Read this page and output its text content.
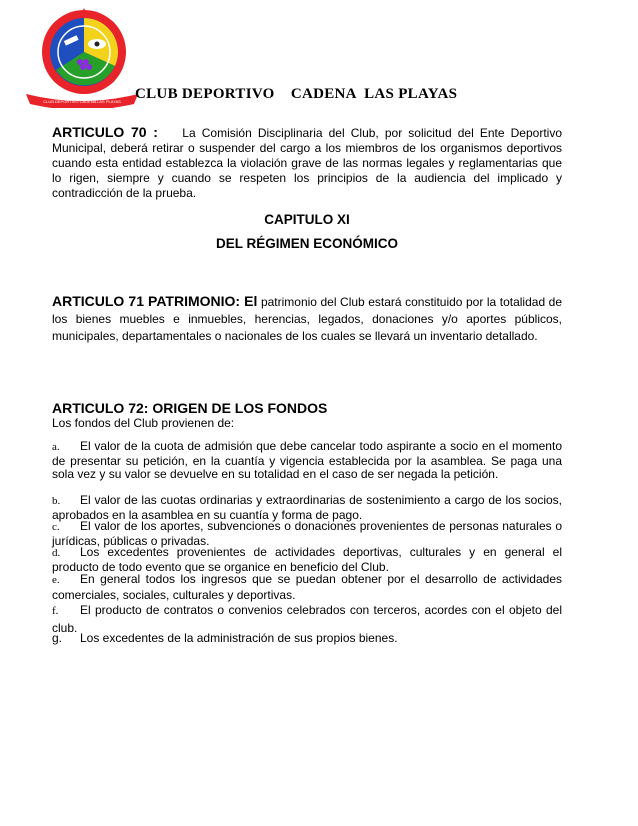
CLUB DEPORTIVO CADENA LAS PLAYAS CLUB DEPORTIVO    CADENA  LAS PLAYAS
ARTICULO 70 : La Comisión Disciplinaria del Club, por solicitud del Ente Deportivo Municipal, deberá retirar o suspender del cargo a los miembros de los organismos deportivos cuando esta entidad establezca la violación grave de las normas legales y reglamentarias que lo rigen, siempre y cuando se respeten los principios de la audiencia del implicado y contradicción de la prueba.
CAPITULO XI
DEL RÉGIMEN ECONÓMICO
ARTICULO 71 PATRIMONIO: El patrimonio del Club estará constituido por la totalidad de los bienes muebles e inmuebles, herencias, legados, donaciones y/o aportes públicos, municipales, departamentales o nacionales de los cuales se llevará un inventario detallado.
ARTICULO 72: ORIGEN DE LOS FONDOS
Los fondos del Club provienen de:
a. El valor de la cuota de admisión que debe cancelar todo aspirante a socio en el momento de presentar su petición, en la cuantía y vigencia establecida por la asamblea. Se paga una sola vez y su valor se devuelve en su totalidad en el caso de ser negada la petición.
b. El valor de las cuotas ordinarias y extraordinarias de sostenimiento a cargo de los socios, aprobados en la asamblea en su cuantía y forma de pago.
c. El valor de los aportes, subvenciones o donaciones provenientes de personas naturales o jurídicas, públicas o privadas.
d. Los excedentes provenientes de actividades deportivas, culturales y en general el producto de todo evento que se organice en beneficio del Club.
e. En general todos los ingresos que se puedan obtener por el desarrollo de actividades comerciales, sociales, culturales y deportivas.
f. El producto de contratos o convenios celebrados con terceros, acordes con el objeto del club.
g. Los excedentes de la administración de sus propios bienes.
